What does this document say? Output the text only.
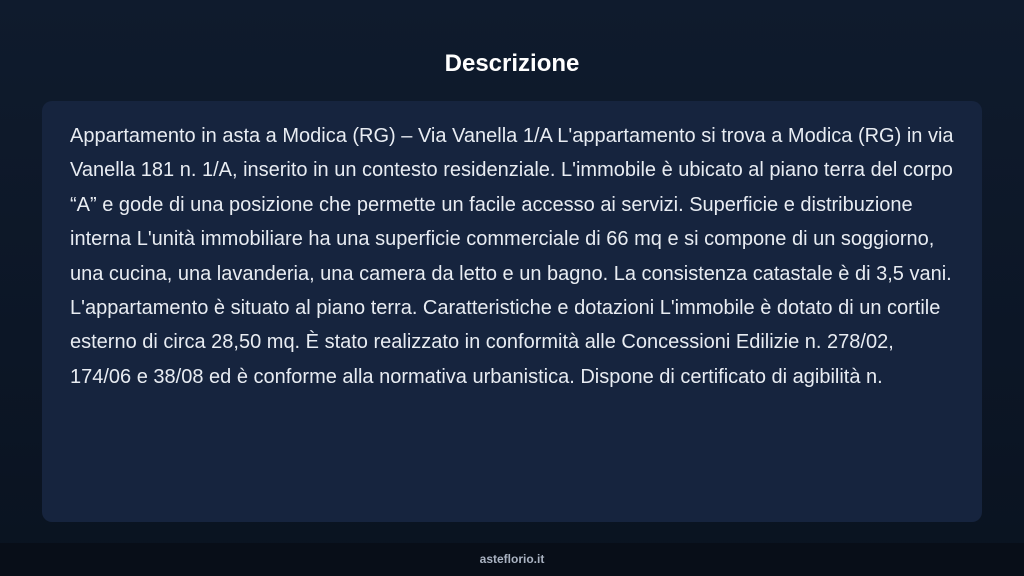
Descrizione

Appartamento in asta a Modica (RG) – Via Vanella 1/A L'appartamento si trova a Modica (RG) in via Vanella 181 n. 1/A, inserito in un contesto residenziale. L'immobile è ubicato al piano terra del corpo “A” e gode di una posizione che permette un facile accesso ai servizi. Superficie e distribuzione interna L'unità immobiliare ha una superficie commerciale di 66 mq e si compone di un soggiorno, una cucina, una lavanderia, una camera da letto e un bagno. La consistenza catastale è di 3,5 vani. L'appartamento è situato al piano terra. Caratteristiche e dotazioni L'immobile è dotato di un cortile esterno di circa 28,50 mq. È stato realizzato in conformità alle Concessioni Edilizie n. 278/02, 174/06 e 38/08 ed è conforme alla normativa urbanistica. Dispone di certificato di agibilità n.

asteflorio.it
